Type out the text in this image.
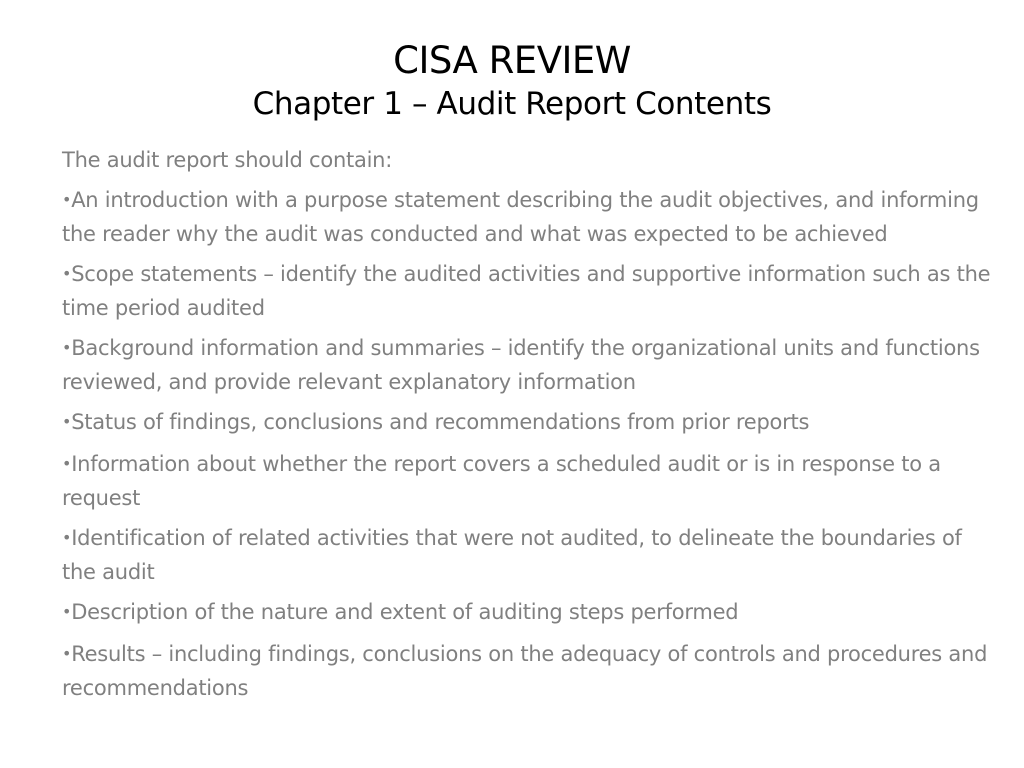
CISA REVIEW
Chapter 1 – Audit Report Contents

The audit report should contain:

•An introduction with a purpose statement describing the audit objectives, and informing the reader why the audit was conducted and what was expected to be achieved
•Scope statements – identify the audited activities and supportive information such as the time period audited
•Background information and summaries – identify the organizational units and functions reviewed, and provide relevant explanatory information
•Status of findings, conclusions and recommendations from prior reports
•Information about whether the report covers a scheduled audit or is in response to a request
•Identification of related activities that were not audited, to delineate the boundaries of the audit
•Description of the nature and extent of auditing steps performed
•Results – including findings, conclusions on the adequacy of controls and procedures and recommendations
